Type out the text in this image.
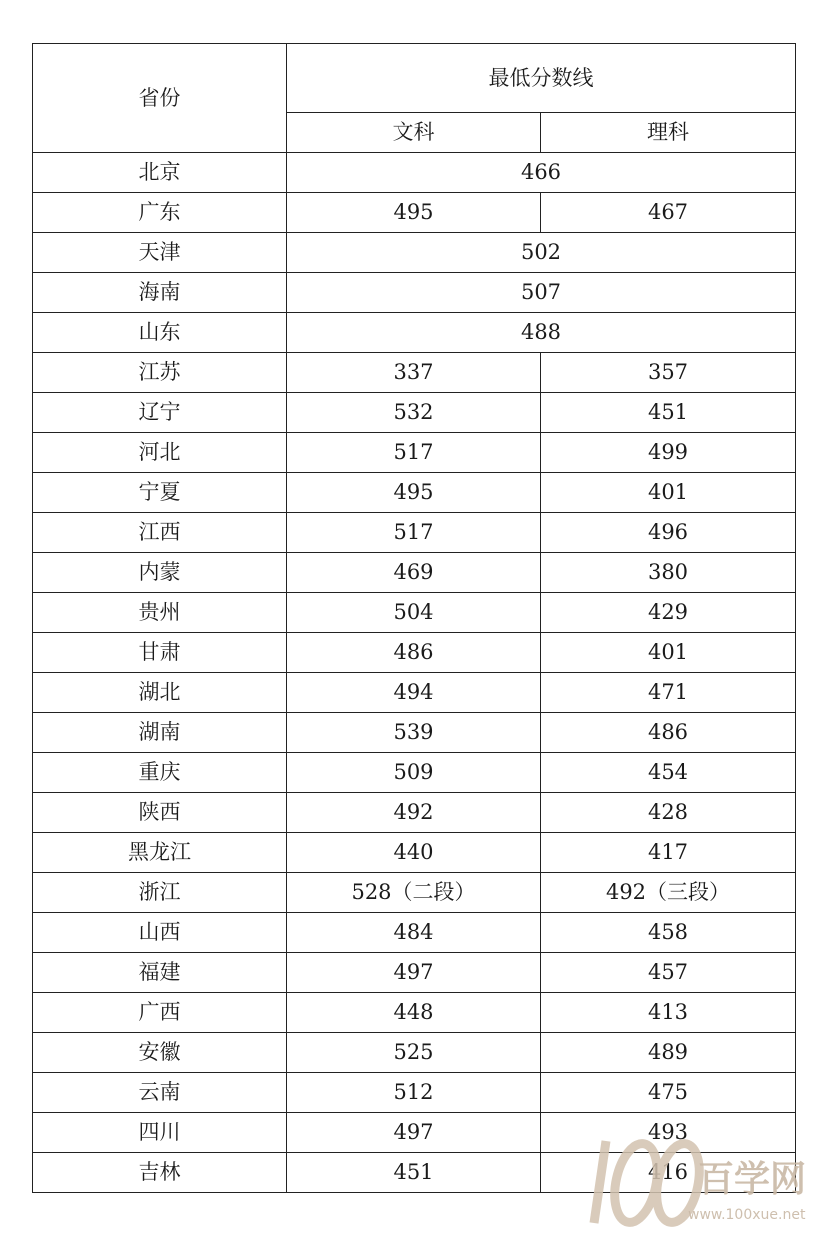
省份	最低分数线	
	文科	理科
北京	466	
广东	495	467
天津	502	
海南	507	
山东	488	
江苏	337	357
辽宁	532	451
河北	517	499
宁夏	495	401
江西	517	496
内蒙	469	380
贵州	504	429
甘肃	486	401
湖北	494	471
湖南	539	486
重庆	509	454
陕西	492	428
黑龙江	440	417
浙江	528（二段）	492（三段）
山西	484	458
福建	497	457
广西	448	413
安徽	525	489
云南	512	475
四川	497	493
吉林	451	416 百学网
www.100xue.net
